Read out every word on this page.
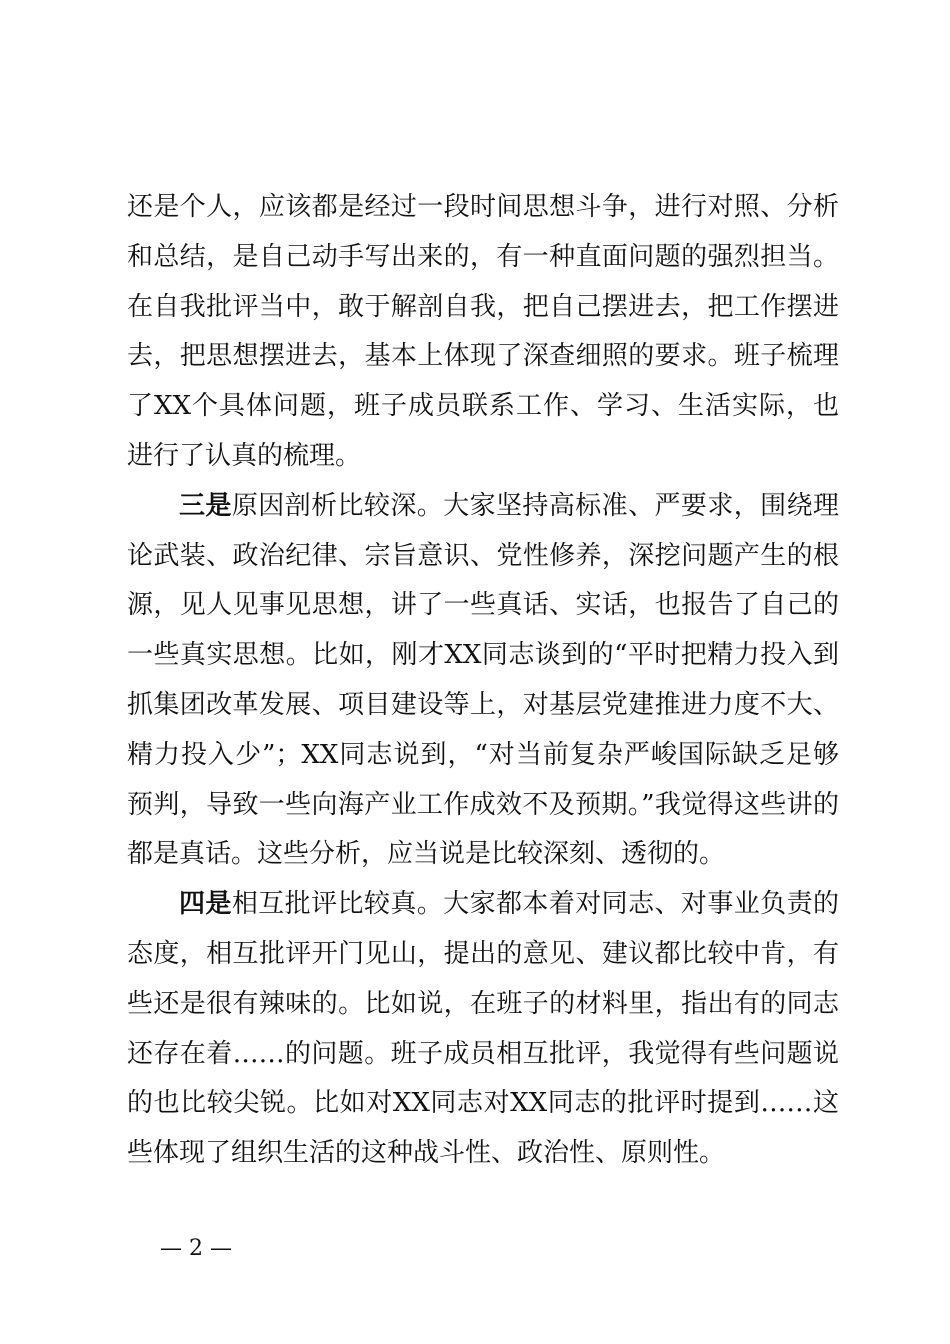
还是个人，应该都是经过一段时间思想斗争，进行对照、分析和总结，是自己动手写出来的，有一种直面问题的强烈担当。在自我批评当中，敢于解剖自我，把自己摆进去，把工作摆进去，把思想摆进去，基本上体现了深查细照的要求。班子梳理了XX个具体问题，班子成员联系工作、学习、生活实际，也进行了认真的梳理。

三是原因剖析比较深。大家坚持高标准、严要求，围绕理论武装、政治纪律、宗旨意识、党性修养，深挖问题产生的根源，见人见事见思想，讲了一些真话、实话，也报告了自己的一些真实思想。比如，刚才XX同志谈到的“平时把精力投入到抓集团改革发展、项目建设等上，对基层党建推进力度不大、精力投入少”；XX同志说到，“对当前复杂严峻国际缺乏足够预判，导致一些向海产业工作成效不及预期。”我觉得这些讲的都是真话。这些分析，应当说是比较深刻、透彻的。

四是相互批评比较真。大家都本着对同志、对事业负责的态度，相互批评开门见山，提出的意见、建议都比较中肯，有些还是很有辣味的。比如说，在班子的材料里，指出有的同志还存在着……的问题。班子成员相互批评，我觉得有些问题说的也比较尖锐。比如对XX同志对XX同志的批评时提到……这些体现了组织生活的这种战斗性、政治性、原则性。

— 2 —
